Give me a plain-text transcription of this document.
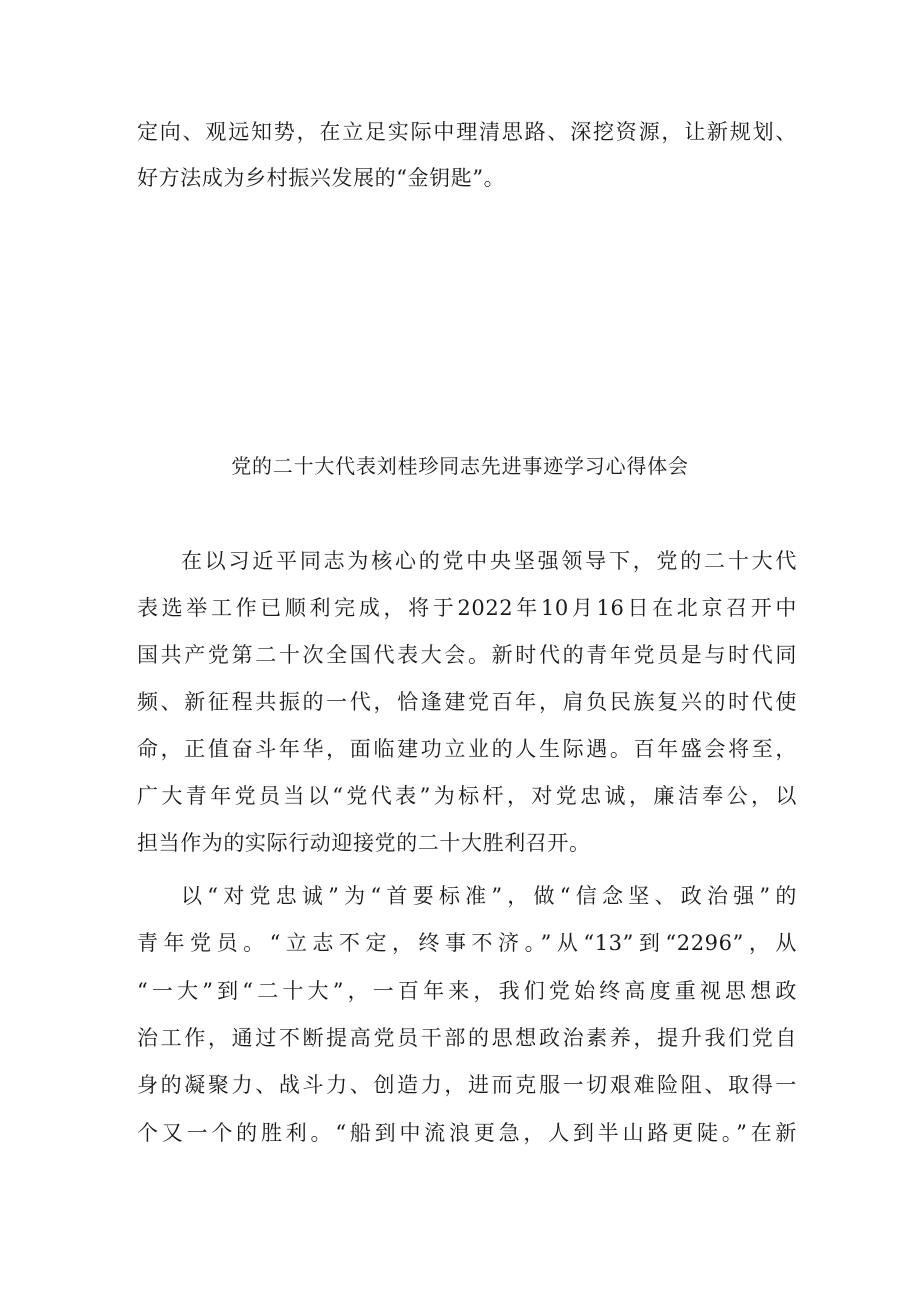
定向、观远知势，在立足实际中理清思路、深挖资源，让新规划、
好方法成为乡村振兴发展的“金钥匙”。
党的二十大代表刘桂珍同志先进事迹学习心得体会
在以习近平同志为核心的党中央坚强领导下，党的二十大代
表选举工作已顺利完成，将于2022年10月16日在北京召开中
国共产党第二十次全国代表大会。新时代的青年党员是与时代同
频、新征程共振的一代，恰逢建党百年，肩负民族复兴的时代使
命，正值奋斗年华，面临建功立业的人生际遇。百年盛会将至，
广大青年党员当以“党代表”为标杆，对党忠诚，廉洁奉公，以
担当作为的实际行动迎接党的二十大胜利召开。
以“对党忠诚”为“首要标准”，做“信念坚、政治强”的
青年党员。“立志不定，终事不济。”从“13”到“2296”，从
“一大”到“二十大”，一百年来，我们党始终高度重视思想政
治工作，通过不断提高党员干部的思想政治素养，提升我们党自
身的凝聚力、战斗力、创造力，进而克服一切艰难险阻、取得一
个又一个的胜利。“船到中流浪更急，人到半山路更陡。”在新
